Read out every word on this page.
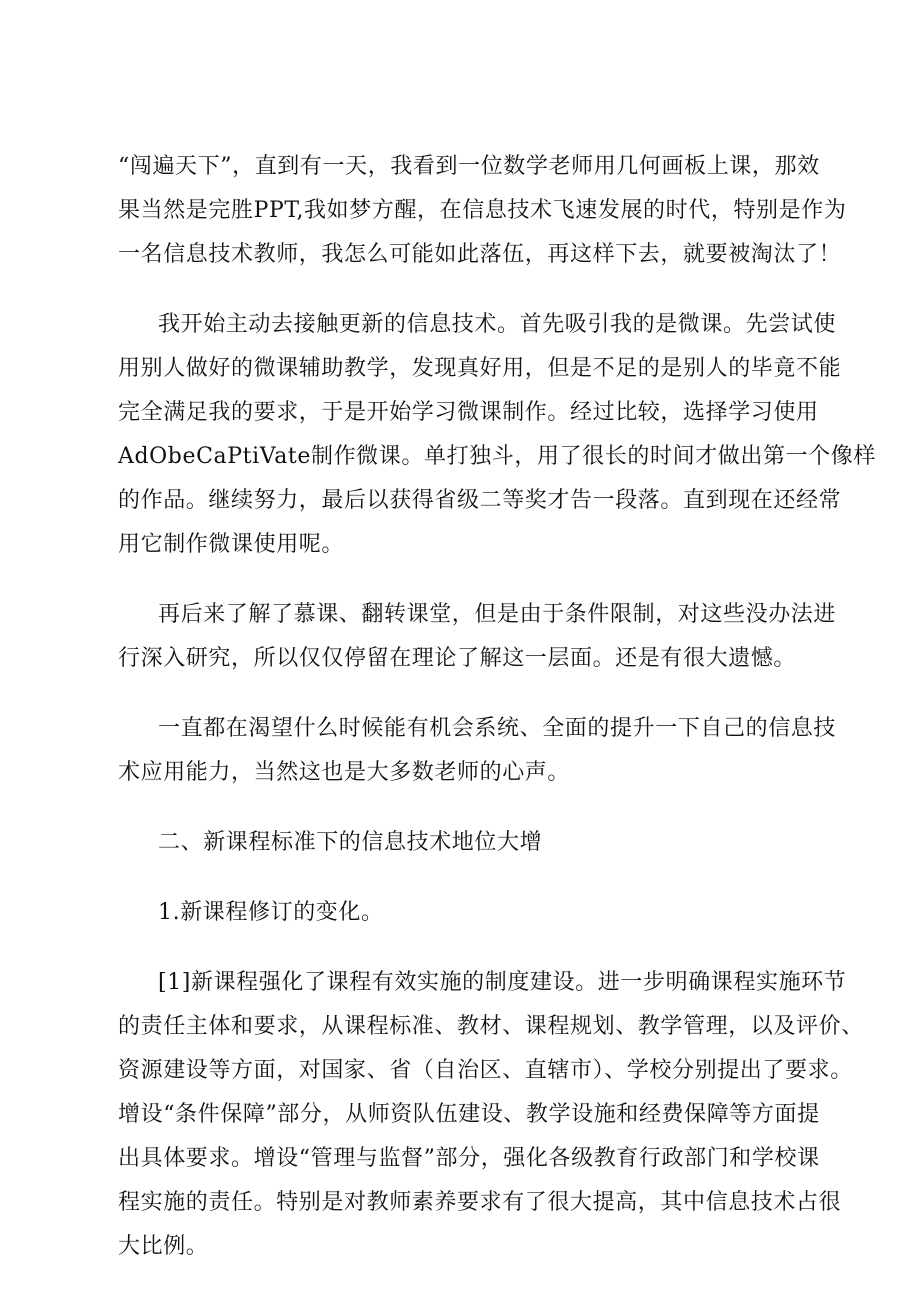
“闯遍天下”，直到有一天，我看到一位数学老师用几何画板上课，那效
果当然是完胜PPT,我如梦方醒，在信息技术飞速发展的时代，特别是作为
一名信息技术教师，我怎么可能如此落伍，再这样下去，就要被淘汰了！
我开始主动去接触更新的信息技术。首先吸引我的是微课。先尝试使
用别人做好的微课辅助教学，发现真好用，但是不足的是别人的毕竟不能
完全满足我的要求，于是开始学习微课制作。经过比较，选择学习使用
AdObeCaPtiVate制作微课。单打独斗，用了很长的时间才做出第一个像样
的作品。继续努力，最后以获得省级二等奖才告一段落。直到现在还经常
用它制作微课使用呢。
再后来了解了慕课、翻转课堂，但是由于条件限制，对这些没办法进
行深入研究，所以仅仅停留在理论了解这一层面。还是有很大遗憾。
一直都在渴望什么时候能有机会系统、全面的提升一下自己的信息技
术应用能力，当然这也是大多数老师的心声。
二、新课程标准下的信息技术地位大增
1.新课程修订的变化。
[1]新课程强化了课程有效实施的制度建设。进一步明确课程实施环节
的责任主体和要求，从课程标准、教材、课程规划、教学管理，以及评价、
资源建设等方面，对国家、省（自治区、直辖市）、学校分别提出了要求。
增设“条件保障”部分，从师资队伍建设、教学设施和经费保障等方面提
出具体要求。增设“管理与监督”部分，强化各级教育行政部门和学校课
程实施的责任。特别是对教师素养要求有了很大提高，其中信息技术占很
大比例。
